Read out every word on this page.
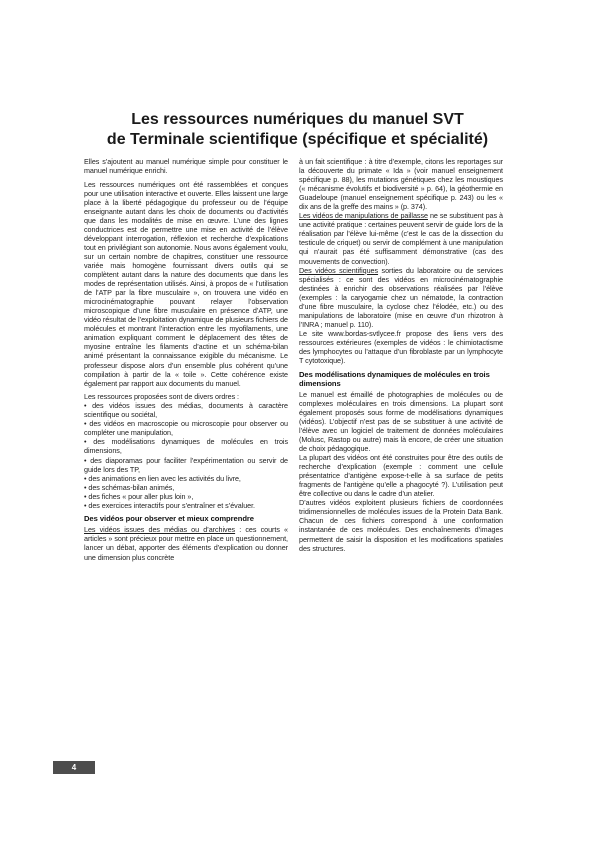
Les ressources numériques du manuel SVT
de Terminale scientifique (spécifique et spécialité)

Elles s’ajoutent au manuel numérique simple pour constituer le manuel numérique enrichi.

Les ressources numériques ont été rassemblées et conçues pour une utilisation interactive et ouverte. Elles laissent une large place à la liberté pédagogique du professeur ou de l’équipe enseignante autant dans les choix de documents ou d’activités que dans les modalités de mise en œuvre. L’une des lignes conductrices est de permettre une mise en activité de l’élève développant interrogation, réflexion et recherche d’explications tout en privilégiant son autonomie. Nous avons également voulu, sur un certain nombre de chapitres, constituer une ressource variée mais homogène fournissant divers outils qui se complètent autant dans la nature des documents que dans les modes de représentation utilisés. Ainsi, à propos de « l’utilisation de l’ATP par la fibre musculaire », on trouvera une vidéo en microcinématographie pouvant relayer l’observation microscopique d’une fibre musculaire en présence d’ATP, une vidéo résultat de l’exploitation dynamique de plusieurs fichiers de molécules et montrant l’interaction entre les myofilaments, une animation expliquant comment le déplacement des têtes de myosine entraîne les filaments d’actine et un schéma-bilan animé présentant la connaissance exigible du mécanisme. Le professeur dispose alors d’un ensemble plus cohérent qu’une compilation à partir de la « toile ». Cette cohérence existe également par rapport aux documents du manuel.

Les ressources proposées sont de divers ordres :

• des vidéos issues des médias, documents à caractère scientifique ou sociétal,
• des vidéos en macroscopie ou microscopie pour observer ou compléter une manipulation,
• des modélisations dynamiques de molécules en trois dimensions,
• des diaporamas pour faciliter l’expérimentation ou servir de guide lors des TP,
• des animations en lien avec les activités du livre,
• des schémas-bilan animés,
• des fiches « pour aller plus loin »,
• des exercices interactifs pour s’entraîner et s’évaluer.
Des vidéos pour observer et mieux comprendre

Les vidéos issues des médias ou d’archives : ces courts « articles » sont précieux pour mettre en place un questionnement, lancer un débat, apporter des éléments d’explication ou donner une dimension plus concrète

à un fait scientifique : à titre d’exemple, citons les reportages sur la découverte du primate « Ida » (voir manuel enseignement spécifique p. 88), les mutations génétiques chez les moustiques (« mécanisme évolutifs et biodiversité » p. 64), la géothermie en Guadeloupe (manuel enseignement spécifique p. 243) ou les « dix ans de la greffe des mains » (p. 374).

Les vidéos de manipulations de paillasse ne se substituent pas à une activité pratique : certaines peuvent servir de guide lors de la réalisation par l’élève lui-même (c’est le cas de la dissection du testicule de criquet) ou servir de complément à une manipulation qui n’aurait pas été suffisamment démonstrative (cas des mouvements de convection).

Des vidéos scientifiques sorties du laboratoire ou de services spécialisés : ce sont des vidéos en microcinématographie destinées à enrichir des observations réalisées par l’élève (exemples : la caryogamie chez un nématode, la contraction d’une fibre musculaire, la cyclose chez l’élodée, etc.) ou des manipulations de laboratoire (mise en œuvre d’un rhizotron à l’INRA ; manuel p. 110).

Le site www.bordas-svtlycee.fr propose des liens vers des ressources extérieures (exemples de vidéos : le chimiotactisme des lymphocytes ou l’attaque d’un fibroblaste par un lymphocyte T cytotoxique).

Des modélisations dynamiques de molécules en trois dimensions

Le manuel est émaillé de photographies de molécules ou de complexes moléculaires en trois dimensions. La plupart sont également proposés sous forme de modélisations dynamiques (vidéos). L’objectif n’est pas de se substituer à une activité de l’élève avec un logiciel de traitement de données moléculaires (Molusc, Rastop ou autre) mais là encore, de créer une situation de choix pédagogique.

La plupart des vidéos ont été construites pour être des outils de recherche d’explication (exemple : comment une cellule présentatrice d’antigène expose-t-elle à sa surface de petits fragments de l’antigène qu’elle a phagocyté ?). L’utilisation peut être collective ou dans le cadre d’un atelier.

D’autres vidéos exploitent plusieurs fichiers de coordonnées tridimensionnelles de molécules issues de la Protein Data Bank. Chacun de ces fichiers correspond à une conformation instantanée de ces molécules. Des enchaînements d’images permettent de saisir la disposition et les modifications spatiales des structures.

4
